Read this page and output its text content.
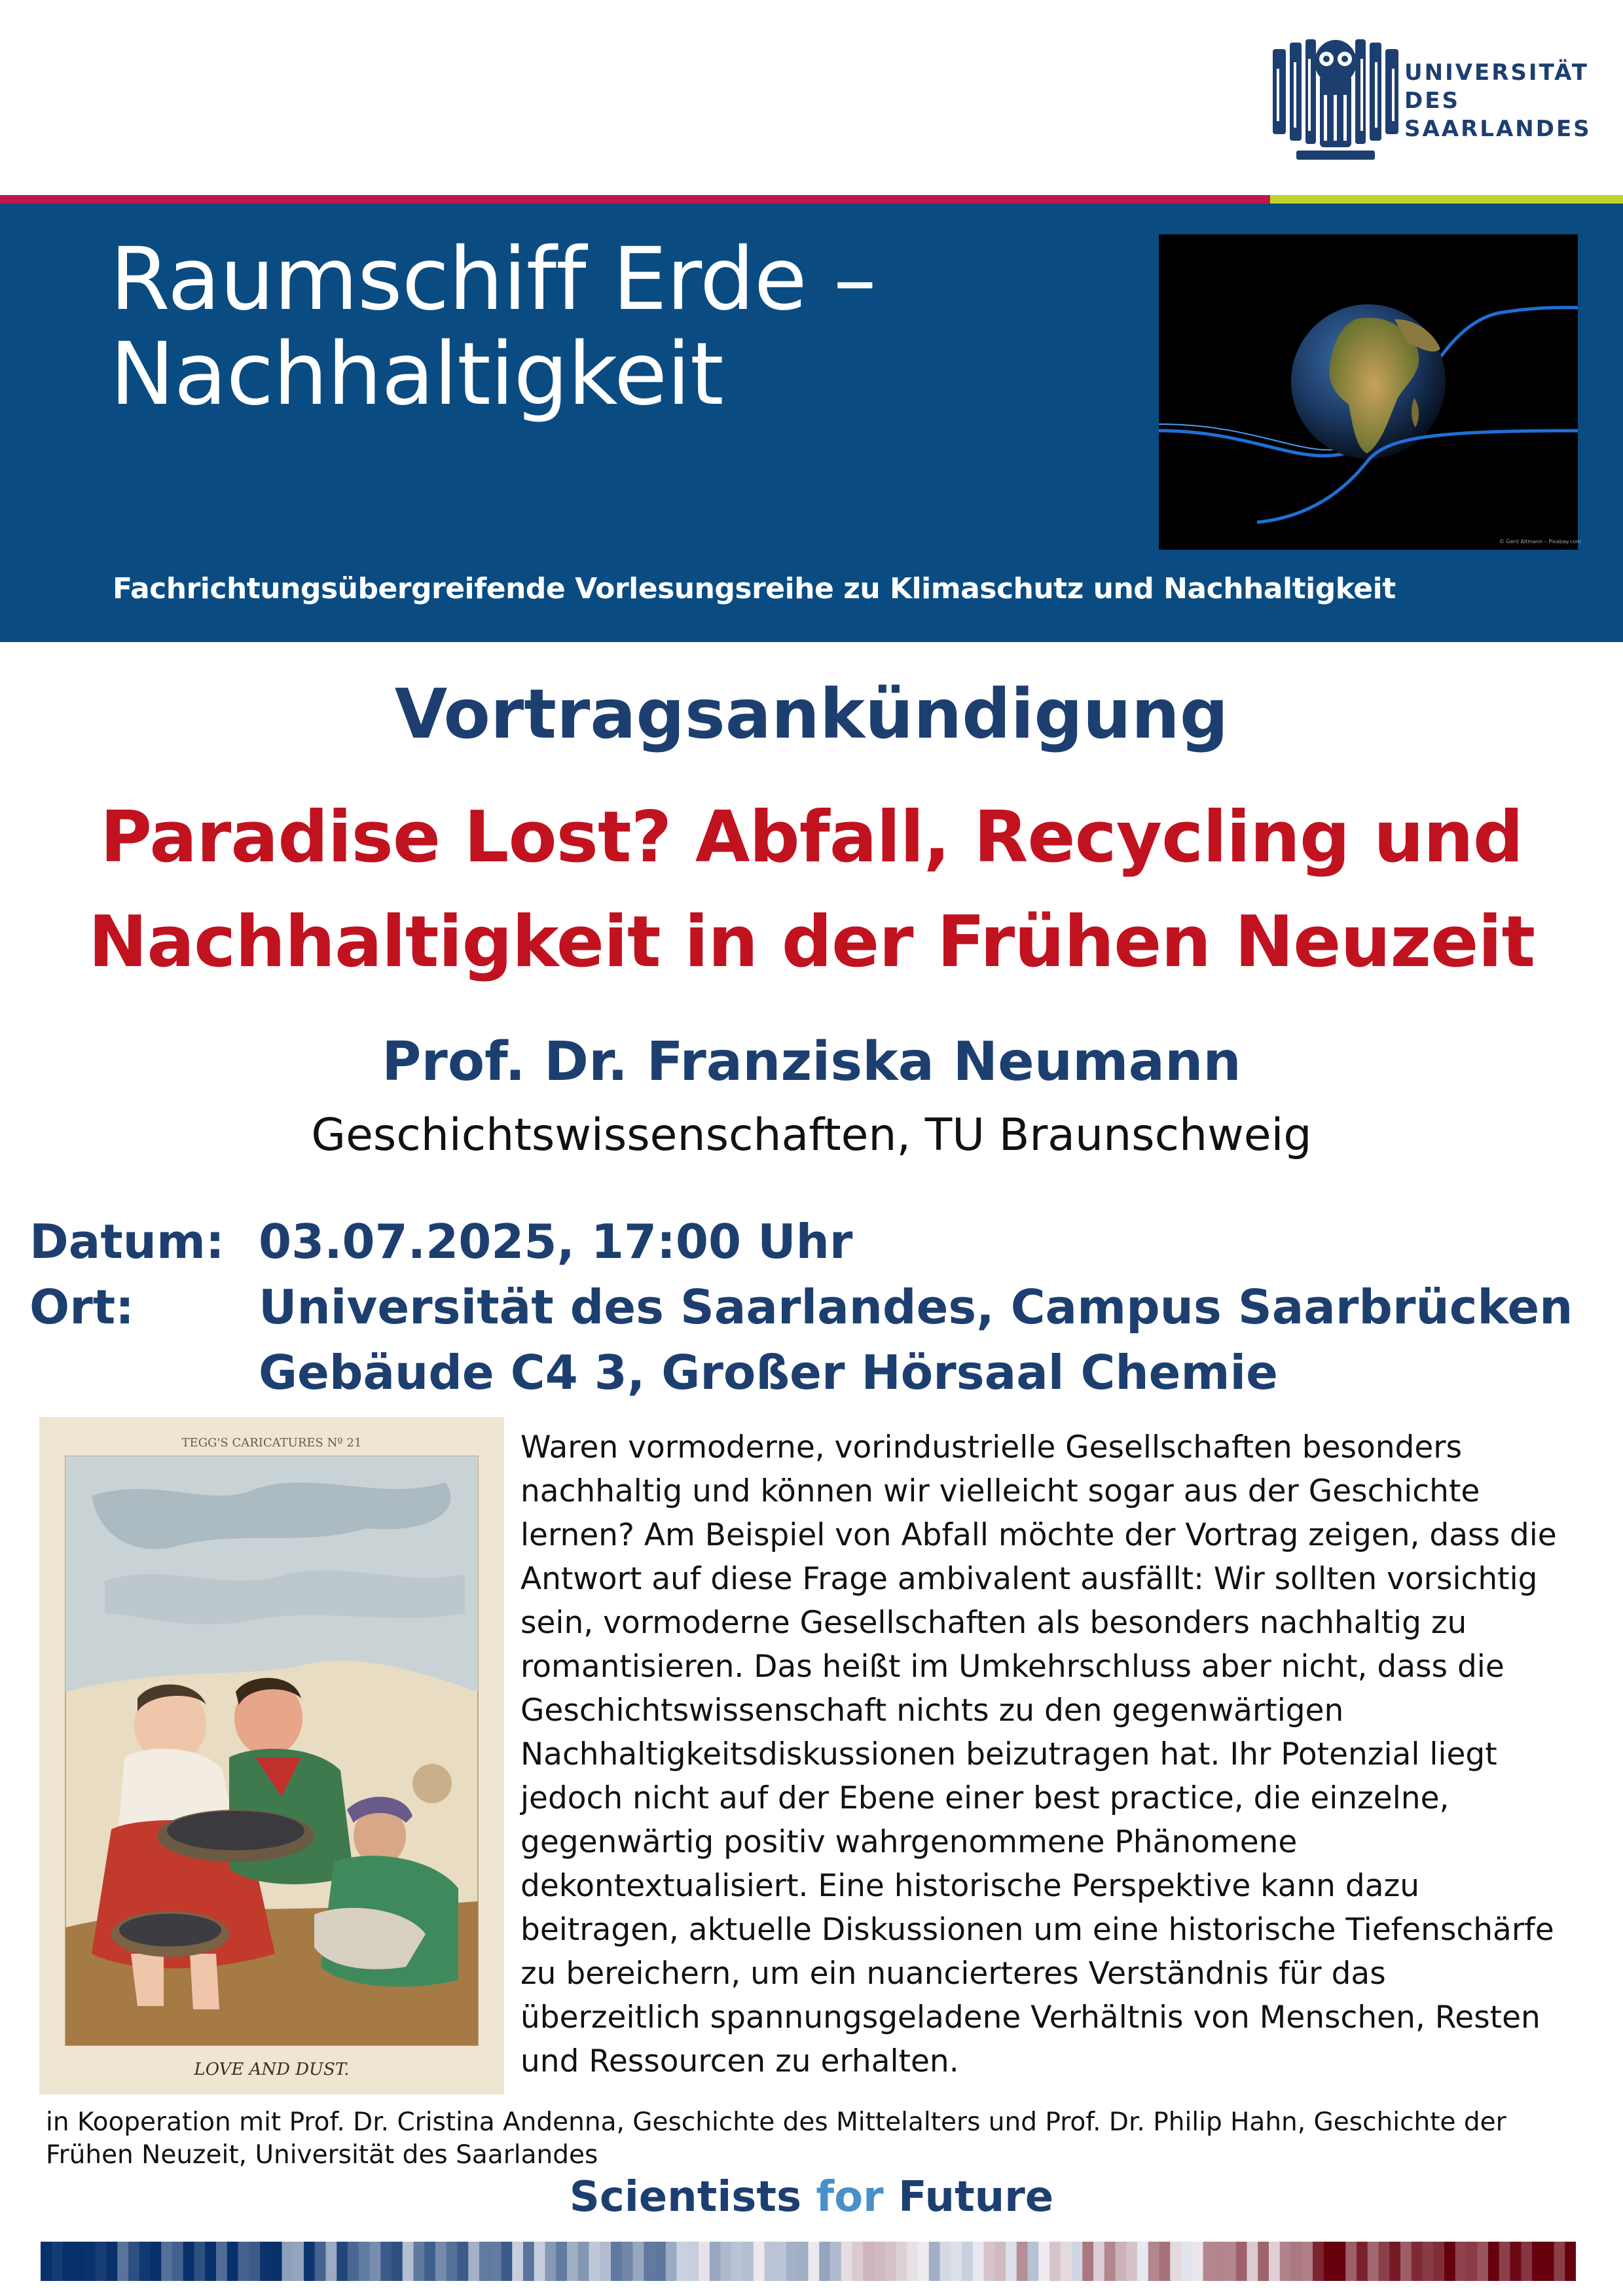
UNIVERSITÄT
DES
SAARLANDES
Raumschiff Erde –
Nachhaltigkeit
© Gerd Altmann – Pixabay.com
Fachrichtungsübergreifende Vorlesungsreihe zu Klimaschutz und Nachhaltigkeit
Vortragsankündigung
Paradise Lost? Abfall, Recycling und
Nachhaltigkeit in der Frühen Neuzeit
Prof. Dr. Franziska Neumann
Geschichtswissenschaften, TU Braunschweig
Datum: 03.07.2025, 17:00 Uhr
Ort:	Universität des Saarlandes, Campus Saarbrücken
Gebäude C4 3, Großer Hörsaal Chemie
TEGG'S CARICATURES Nº 21
LOVE AND DUST.
Waren vormoderne, vorindustrielle Gesellschaften besonders
nachhaltig und können wir vielleicht sogar aus der Geschichte
lernen? Am Beispiel von Abfall möchte der Vortrag zeigen, dass die
Antwort auf diese Frage ambivalent ausfällt: Wir sollten vorsichtig
sein, vormoderne Gesellschaften als besonders nachhaltig zu
romantisieren. Das heißt im Umkehrschluss aber nicht, dass die
Geschichtswissenschaft nichts zu den gegenwärtigen
Nachhaltigkeitsdiskussionen beizutragen hat. Ihr Potenzial liegt
jedoch nicht auf der Ebene einer best practice, die einzelne,
gegenwärtig positiv wahrgenommene Phänomene
dekontextualisiert. Eine historische Perspektive kann dazu
beitragen, aktuelle Diskussionen um eine historische Tiefenschärfe
zu bereichern, um ein nuancierteres Verständnis für das
überzeitlich spannungsgeladene Verhältnis von Menschen, Resten
und Ressourcen zu erhalten.
in Kooperation mit Prof. Dr. Cristina Andenna, Geschichte des Mittelalters und Prof. Dr. Philip Hahn, Geschichte der
Frühen Neuzeit, Universität des Saarlandes
Scientists for Future
